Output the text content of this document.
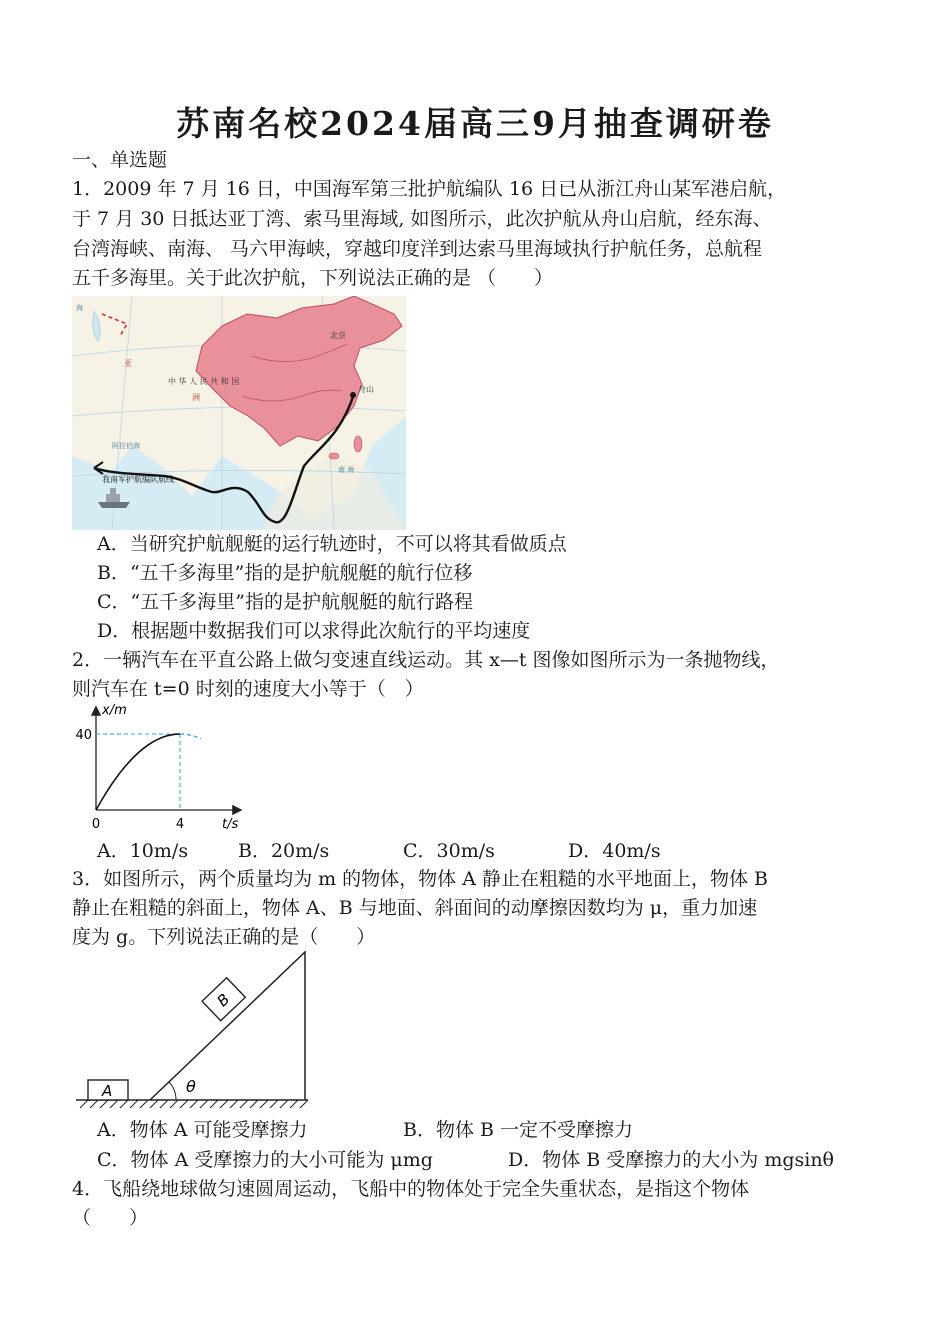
苏南名校2024届高三9月抽查调研卷
一、单选题
1．2009 年 7 月 16 日，中国海军第三批护航编队 16 日已从浙江舟山某军港启航，
于 7 月 30 日抵达亚丁湾、索马里海域, 如图所示，此次护航从舟山启航，经东海、
台湾海峡、南海、 马六甲海峡，穿越印度洋到达索马里海域执行护航任务，总航程
五千多海里。关于此次护航，下列说法正确的是 （　　）
中 华 人 民 共 和 国
洲
亚
北京
舟山
阿拉伯海
南 海
海
我南军护航编队航线
A．当研究护航舰艇的运行轨迹时，不可以将其看做质点
B．“五千多海里”指的是护航舰艇的航行位移
C．“五千多海里”指的是护航舰艇的航行路程
D．根据题中数据我们可以求得此次航行的平均速度
2．一辆汽车在平直公路上做匀变速直线运动。其 x—t 图像如图所示为一条抛物线，
则汽车在 t=0 时刻的速度大小等于（　）
x/m
t/s
40
0	4
A．10m/s	B．20m/s	C．30m/s	D．40m/s
3．如图所示，两个质量均为 m 的物体，物体 A 静止在粗糙的水平地面上，物体 B
静止在粗糙的斜面上，物体 A、B 与地面、斜面间的动摩擦因数均为 μ，重力加速
度为 g。下列说法正确的是（　　）
θ
A
B
A．物体 A 可能受摩擦力	B．物体 B 一定不受摩擦力
C．物体 A 受摩擦力的大小可能为 μmg	D．物体 B 受摩擦力的大小为 mgsinθ
4．飞船绕地球做匀速圆周运动，飞船中的物体处于完全失重状态，是指这个物体
（　　）
